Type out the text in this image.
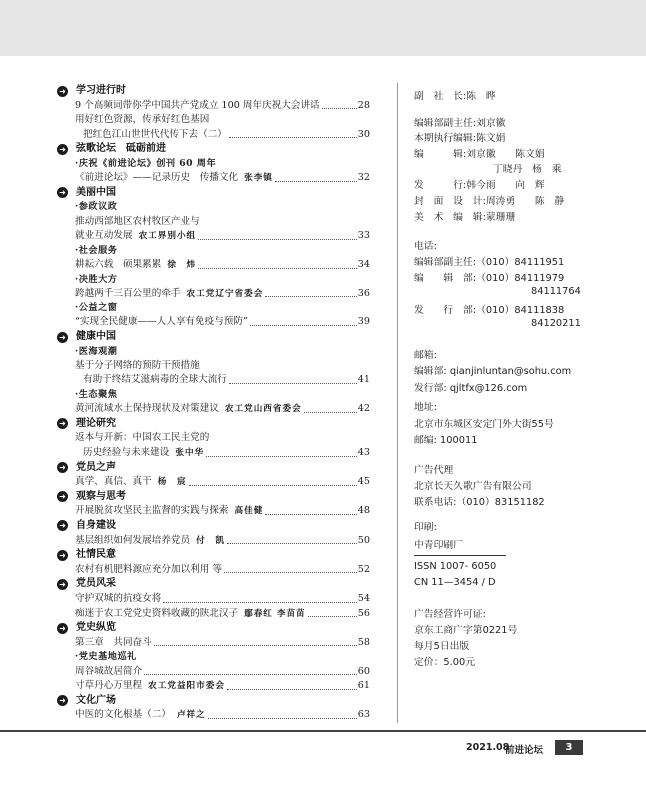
➜ 学习进行时
9 个高频词带你学中国共产党成立 100 周年庆祝大会讲话	28
用好红色资源，传承好红色基因
把红色江山世世代代传下去（二）	30
➜ 弦歌论坛　砥砺前进
·庆祝《前进论坛》创刊 60 周年
《前进论坛》——记录历史　传播文化 张李镇	32
➜ 美丽中国
·参政议政
推动西部地区农村牧区产业与
就业互动发展 农工界别小组	33
·社会服务
耕耘六载　硕果累累 徐　炜	34
·决胜大方
跨越两千三百公里的牵手 农工党辽宁省委会	36
·公益之窗
“实现全民健康——人人享有免疫与预防”	39
➜ 健康中国
·医海观潮
基于分子网络的预防干预措施
有助于终结艾滋病毒的全球大流行	41
·生态聚焦
黄河流域水土保持现状及对策建议 农工党山西省委会	42
➜ 理论研究
返本与开新：中国农工民主党的
历史经验与未来建设 张中华	43
➜ 党员之声
真学、真信、真干 杨　宸	45
➜ 观察与思考
开展脱贫攻坚民主监督的实践与探索 高佳健	48
➜ 自身建设
基层组织如何发展培养党员 付　凯	50
➜ 社情民意
农村有机肥料源应充分加以利用 等	52
➜ 党员风采
守护双城的抗疫女将	54
痴迷于农工党党史资料收藏的陕北汉子 鄢春红 李苗苗	56
➜ 党史纵览
第三章　共同奋斗	58
·党史基地巡礼
周谷城故居简介	60
寸草丹心万里程 农工党益阳市委会	61
➜ 文化广场
中医的文化根基（二） 卢祥之	63
副　社　长:陈　晔
编辑部副主任:刘京徽
本期执行编辑:陈文娟
编　　　辑:刘京徽　　陈文娟
丁晓丹　杨　乘
发　　　行:韩今雨　　向　辉
封　面　设　计:周涛勇　　陈　静
美　术　编　辑:蒙珊珊
电话:
编辑部副主任:（010）84111951
编　　辑　部:（010）84111979
84111764
发　　行　部:（010）84111838
84120211
邮箱:
编辑部: qianjinluntan@sohu.com
发行部: qjltfx@126.com
地址:
北京市东城区安定门外大街55号
邮编: 100011
广告代理
北京长天久歌广告有限公司
联系电话:（010）83151182
印刷:
中青印刷厂
ISSN 1007- 6050
CN 11—3454 / D
广告经营许可证:
京东工商广字第0221号
每月5日出版
定价：5.00元
2021.08
前进论坛	3
